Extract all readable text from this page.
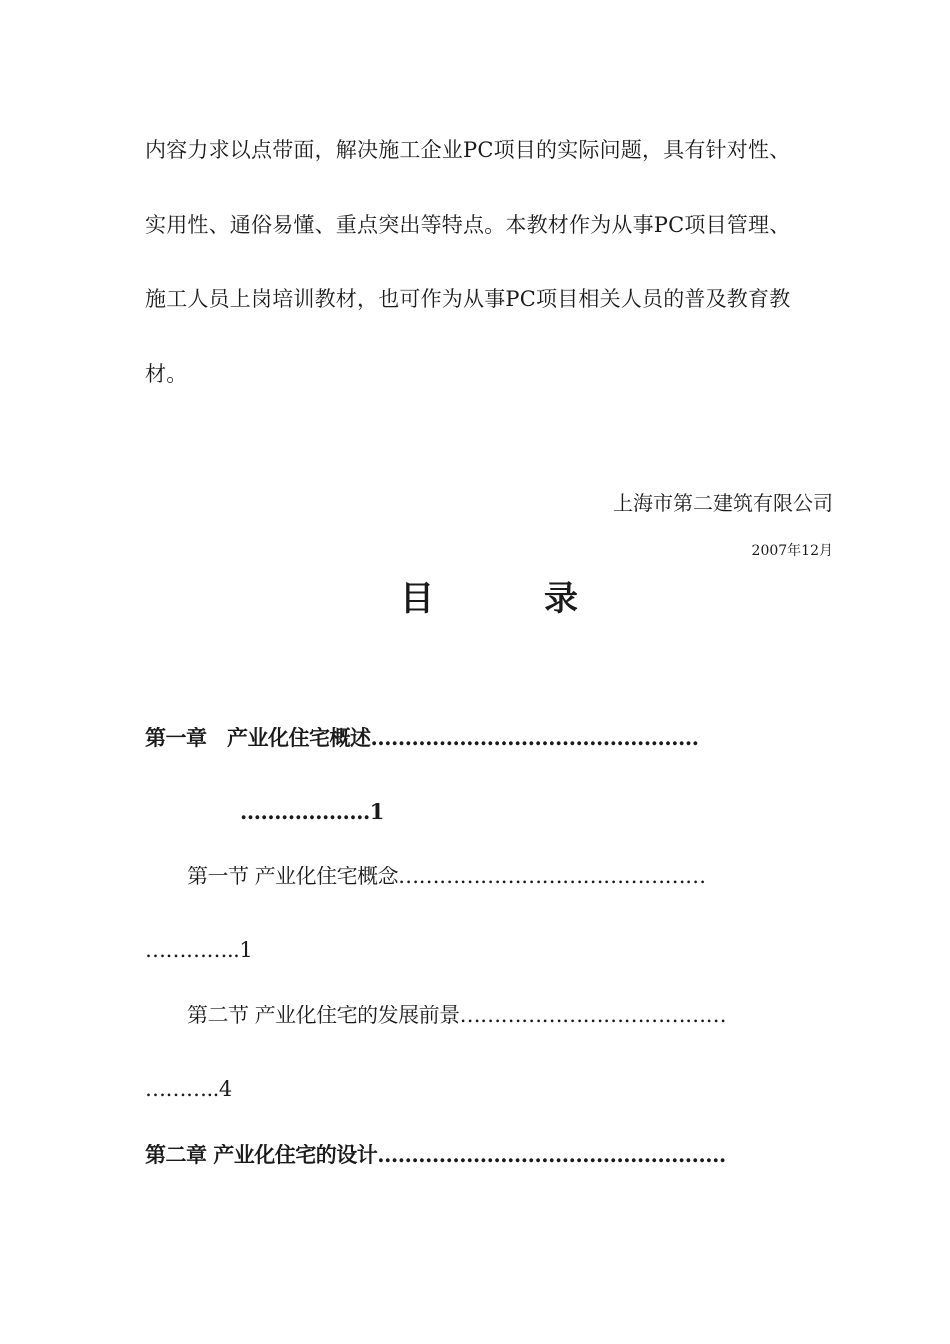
内容力求以点带面，解决施工企业PC项目的实际问题，具有针对性、
实用性、通俗易懂、重点突出等特点。本教材作为从事PC项目管理、
施工人员上岗培训教材，也可作为从事PC项目相关人员的普及教育教
材。
上海市第二建筑有限公司
2007年12月
目	录
第一章　产业化住宅概述…………………………………………
……………….1
第一节 产业化住宅概念………………………………………
…………..1
第二节 产业化住宅的发展前景…………………………………
………..4
第二章 产业化住宅的设计……………………………………………
